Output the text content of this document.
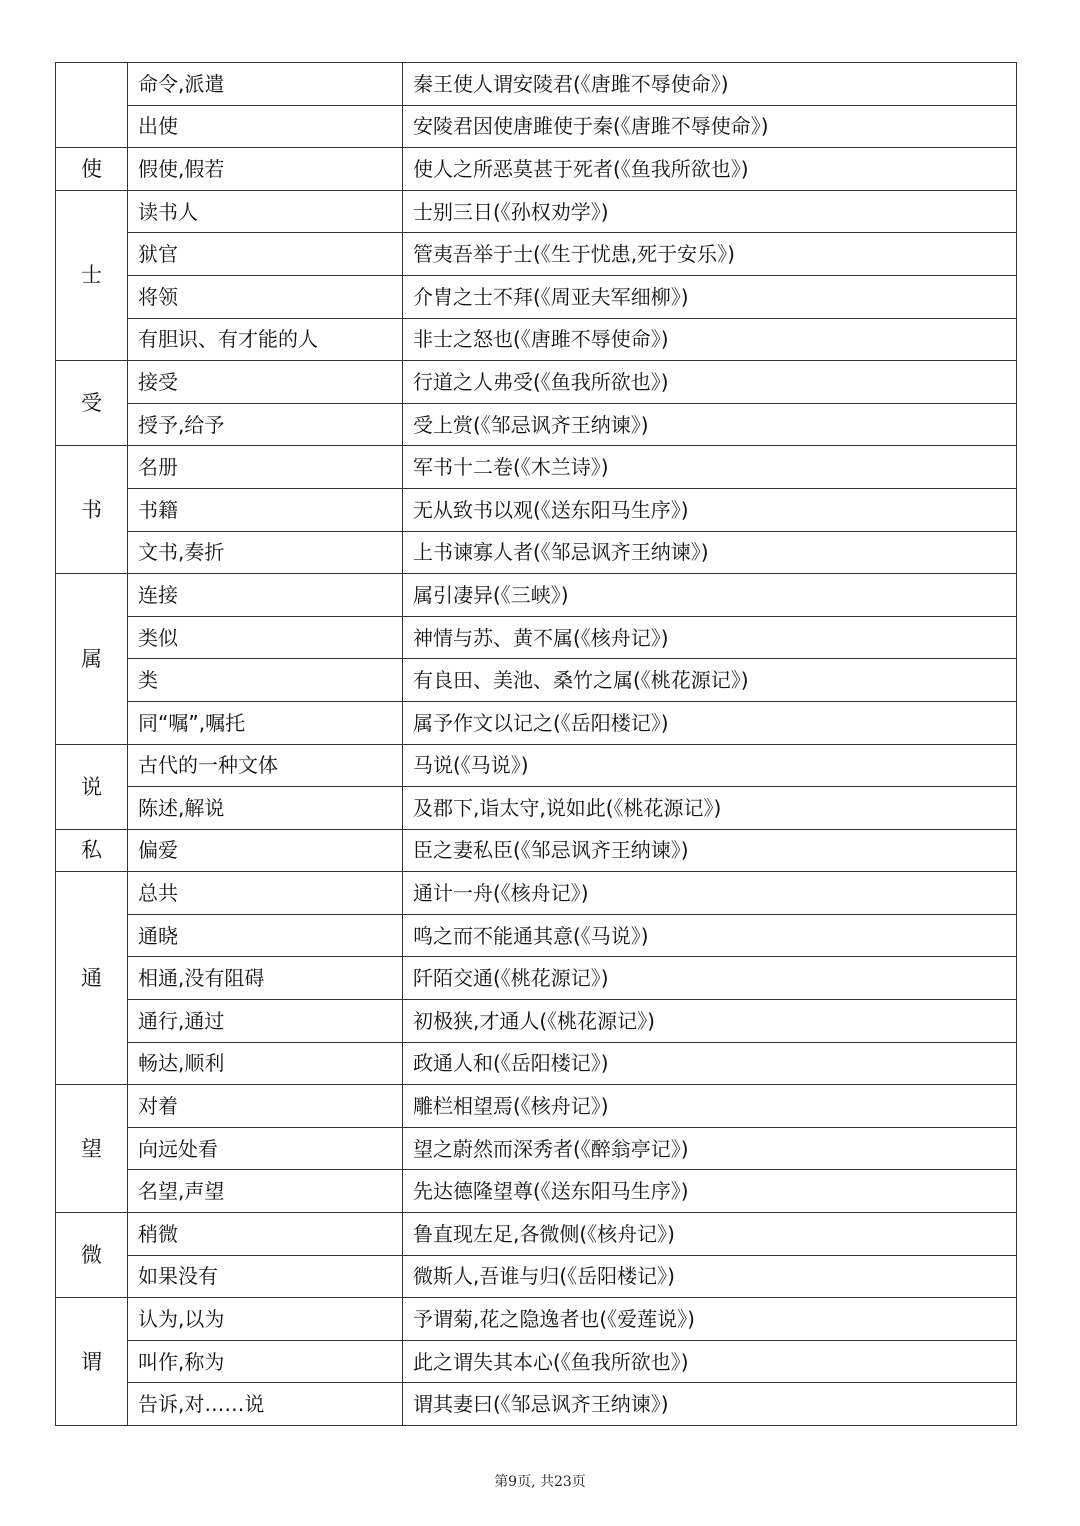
	命令,派遣	秦王使人谓安陵君(《唐雎不辱使命》)
	出使	安陵君因使唐雎使于秦(《唐雎不辱使命》)
使	假使,假若	使人之所恶莫甚于死者(《鱼我所欲也》)
士	读书人	士别三日(《孙权劝学》)
	狱官	管夷吾举于士(《生于忧患,死于安乐》)
	将领	介胄之士不拜(《周亚夫军细柳》)
	有胆识、有才能的人	非士之怒也(《唐雎不辱使命》)
受	接受	行道之人弗受(《鱼我所欲也》)
	授予,给予	受上赏(《邹忌讽齐王纳谏》)
书	名册	军书十二卷(《木兰诗》)
	书籍	无从致书以观(《送东阳马生序》)
	文书,奏折	上书谏寡人者(《邹忌讽齐王纳谏》)
属	连接	属引凄异(《三峡》)
	类似	神情与苏、黄不属(《核舟记》)
	类	有良田、美池、桑竹之属(《桃花源记》)
	同“嘱”,嘱托	属予作文以记之(《岳阳楼记》)
说	古代的一种文体	马说(《马说》)
	陈述,解说	及郡下,诣太守,说如此(《桃花源记》)
私	偏爱	臣之妻私臣(《邹忌讽齐王纳谏》)
通	总共	通计一舟(《核舟记》)
	通晓	鸣之而不能通其意(《马说》)
	相通,没有阻碍	阡陌交通(《桃花源记》)
	通行,通过	初极狭,才通人(《桃花源记》)
	畅达,顺利	政通人和(《岳阳楼记》)
望	对着	雕栏相望焉(《核舟记》)
	向远处看	望之蔚然而深秀者(《醉翁亭记》)
	名望,声望	先达德隆望尊(《送东阳马生序》)
微	稍微	鲁直现左足,各微侧(《核舟记》)
	如果没有	微斯人,吾谁与归(《岳阳楼记》)
谓	认为,以为	予谓菊,花之隐逸者也(《爱莲说》)
	叫作,称为	此之谓失其本心(《鱼我所欲也》)
	告诉,对……说	谓其妻曰(《邹忌讽齐王纳谏》)
第9页, 共23页
